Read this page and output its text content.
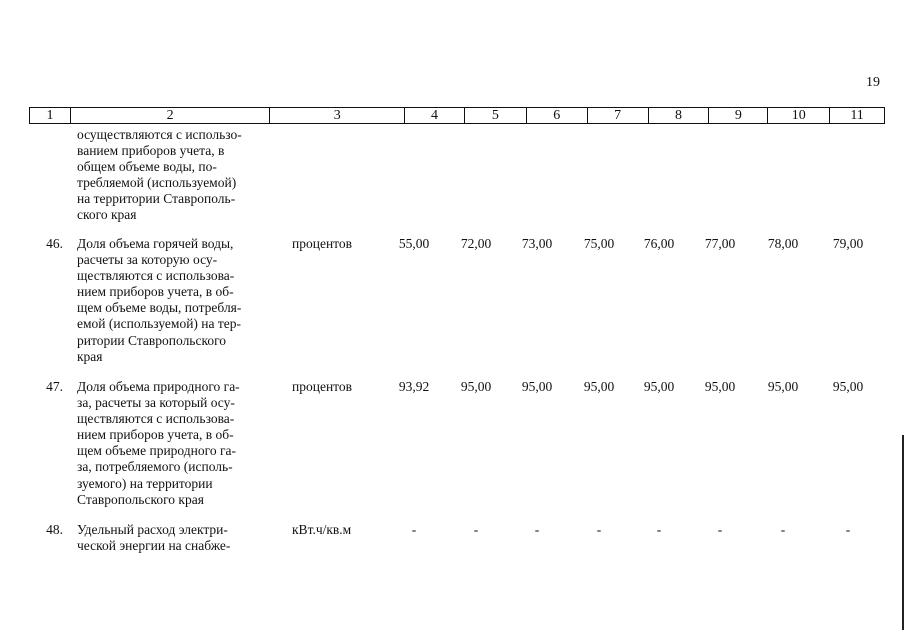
19
1	2	3	4	5	6	7	8	9	10	11
осуществляются с использо-
ванием приборов учета, в
общем объеме воды, по-
требляемой (используемой)
на территории Ставрополь-
ского края
46. Доля объема горячей воды,
расчеты за которую осу-
ществляются с использова-
нием приборов учета, в об-
щем объеме воды, потребля-
емой (используемой) на тер-
ритории Ставропольского
края
процентов	55,00	72,00	73,00	75,00	76,00	77,00	78,00	79,00
47. Доля объема природного га-
за, расчеты за который осу-
ществляются с использова-
нием приборов учета, в об-
щем объеме природного га-
за, потребляемого (исполь-
зуемого) на территории
Ставропольского края
процентов	93,92	95,00	95,00	95,00	95,00	95,00	95,00	95,00
48. Удельный расход электри-
ческой энергии на снабже-
кВт.ч/кв.м	-	-	-	-	-	-	-	-
